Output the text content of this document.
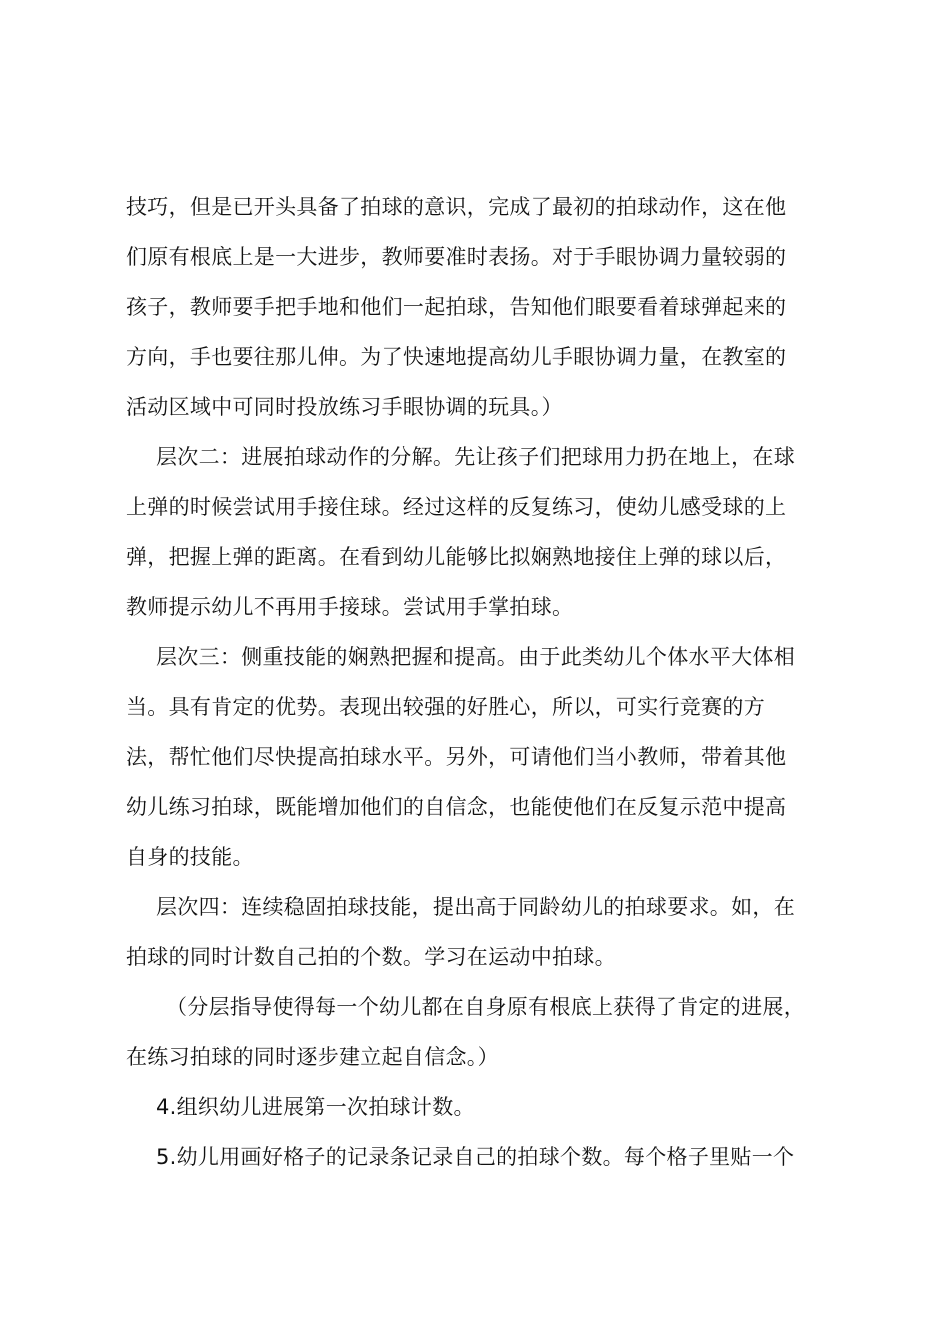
技巧，但是已开头具备了拍球的意识，完成了最初的拍球动作，这在他
们原有根底上是一大进步，教师要准时表扬。对于手眼协调力量较弱的
孩子，教师要手把手地和他们一起拍球，告知他们眼要看着球弹起来的
方向，手也要往那儿伸。为了快速地提高幼儿手眼协调力量，在教室的
活动区域中可同时投放练习手眼协调的玩具。）
层次二：进展拍球动作的分解。先让孩子们把球用力扔在地上，在球
上弹的时候尝试用手接住球。经过这样的反复练习，使幼儿感受球的上
弹，把握上弹的距离。在看到幼儿能够比拟娴熟地接住上弹的球以后，
教师提示幼儿不再用手接球。尝试用手掌拍球。
层次三：侧重技能的娴熟把握和提高。由于此类幼儿个体水平大体相
当。具有肯定的优势。表现出较强的好胜心，所以，可实行竞赛的方
法，帮忙他们尽快提高拍球水平。另外，可请他们当小教师，带着其他
幼儿练习拍球，既能增加他们的自信念，也能使他们在反复示范中提高
自身的技能。
层次四：连续稳固拍球技能，提出高于同龄幼儿的拍球要求。如，在
拍球的同时计数自己拍的个数。学习在运动中拍球。
（分层指导使得每一个幼儿都在自身原有根底上获得了肯定的进展，
在练习拍球的同时逐步建立起自信念。）
4.组织幼儿进展第一次拍球计数。
5.幼儿用画好格子的记录条记录自己的拍球个数。每个格子里贴一个
